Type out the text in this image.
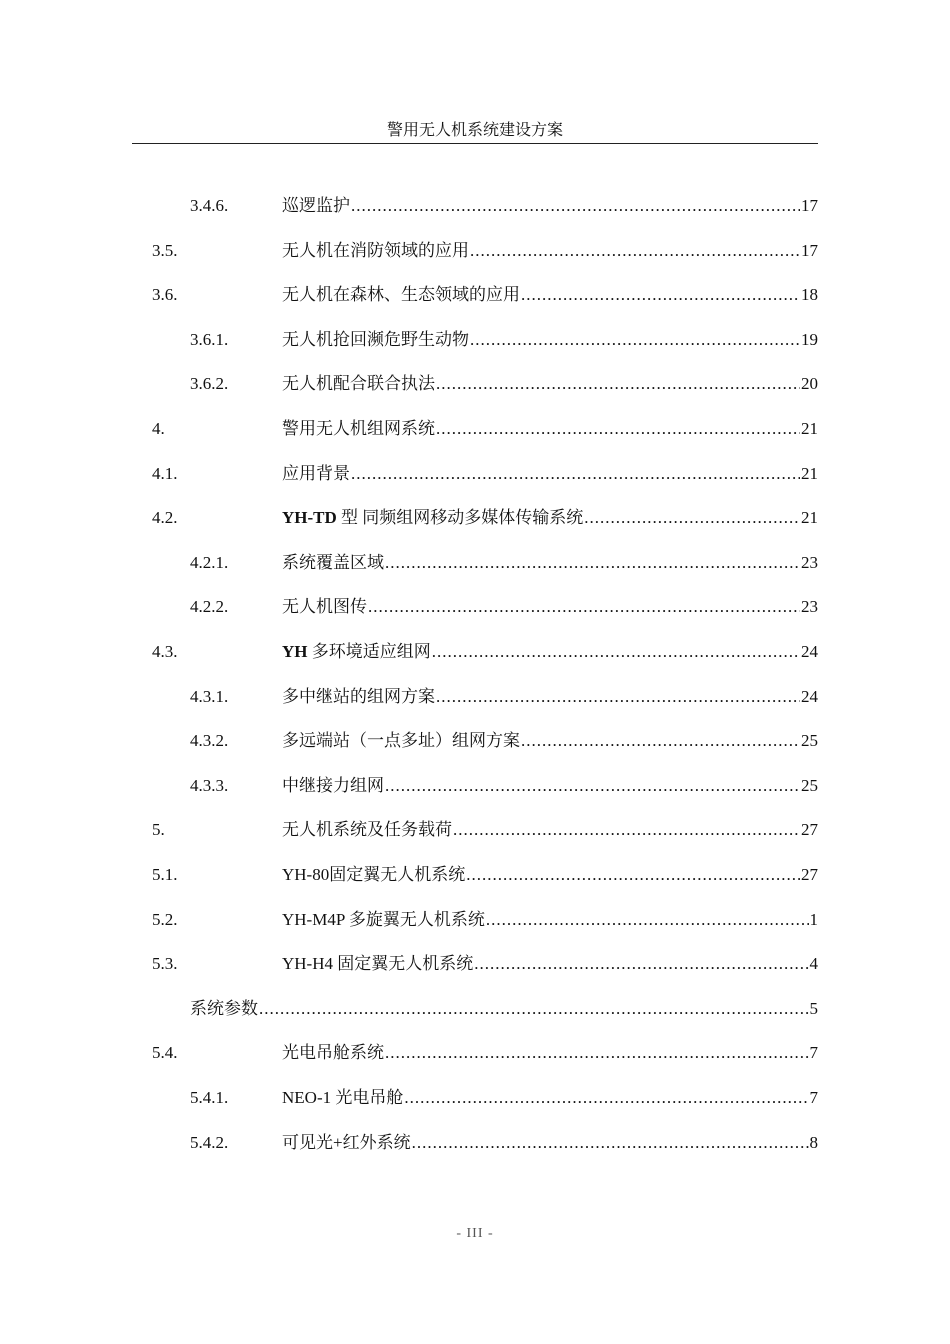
警用无人机系统建设方案
3.4.6.	巡逻监护 .....	17
3.5.	无人机在消防领域的应用 .....	17
3.6.	无人机在森林、生态领域的应用 .....	18
3.6.1.	无人机抢回濒危野生动物 .....	19
3.6.2.	无人机配合联合执法 .....	20
4.	警用无人机组网系统 .....	21
4.1.	应用背景 .....	21
4.2.	YH-TD 型 同频组网移动多媒体传输系统 .....	21
4.2.1.	系统覆盖区域 .....	23
4.2.2.	无人机图传 .....	23
4.3.	YH 多环境适应组网 .....	24
4.3.1.	多中继站的组网方案 .....	24
4.3.2.	多远端站（一点多址）组网方案 .....	25
4.3.3.	中继接力组网 .....	25
5.	无人机系统及任务载荷 .....	27
5.1.	YH-80固定翼无人机系统 .....	27
5.2.	YH-M4P 多旋翼无人机系统 .....	1
5.3.	YH-H4 固定翼无人机系统 .....	4
系统参数 .....	5
5.4.	光电吊舱系统 .....	7
5.4.1.	NEO-1 光电吊舱 .....	7
5.4.2.	可见光+红外系统 .....	8
- III -
